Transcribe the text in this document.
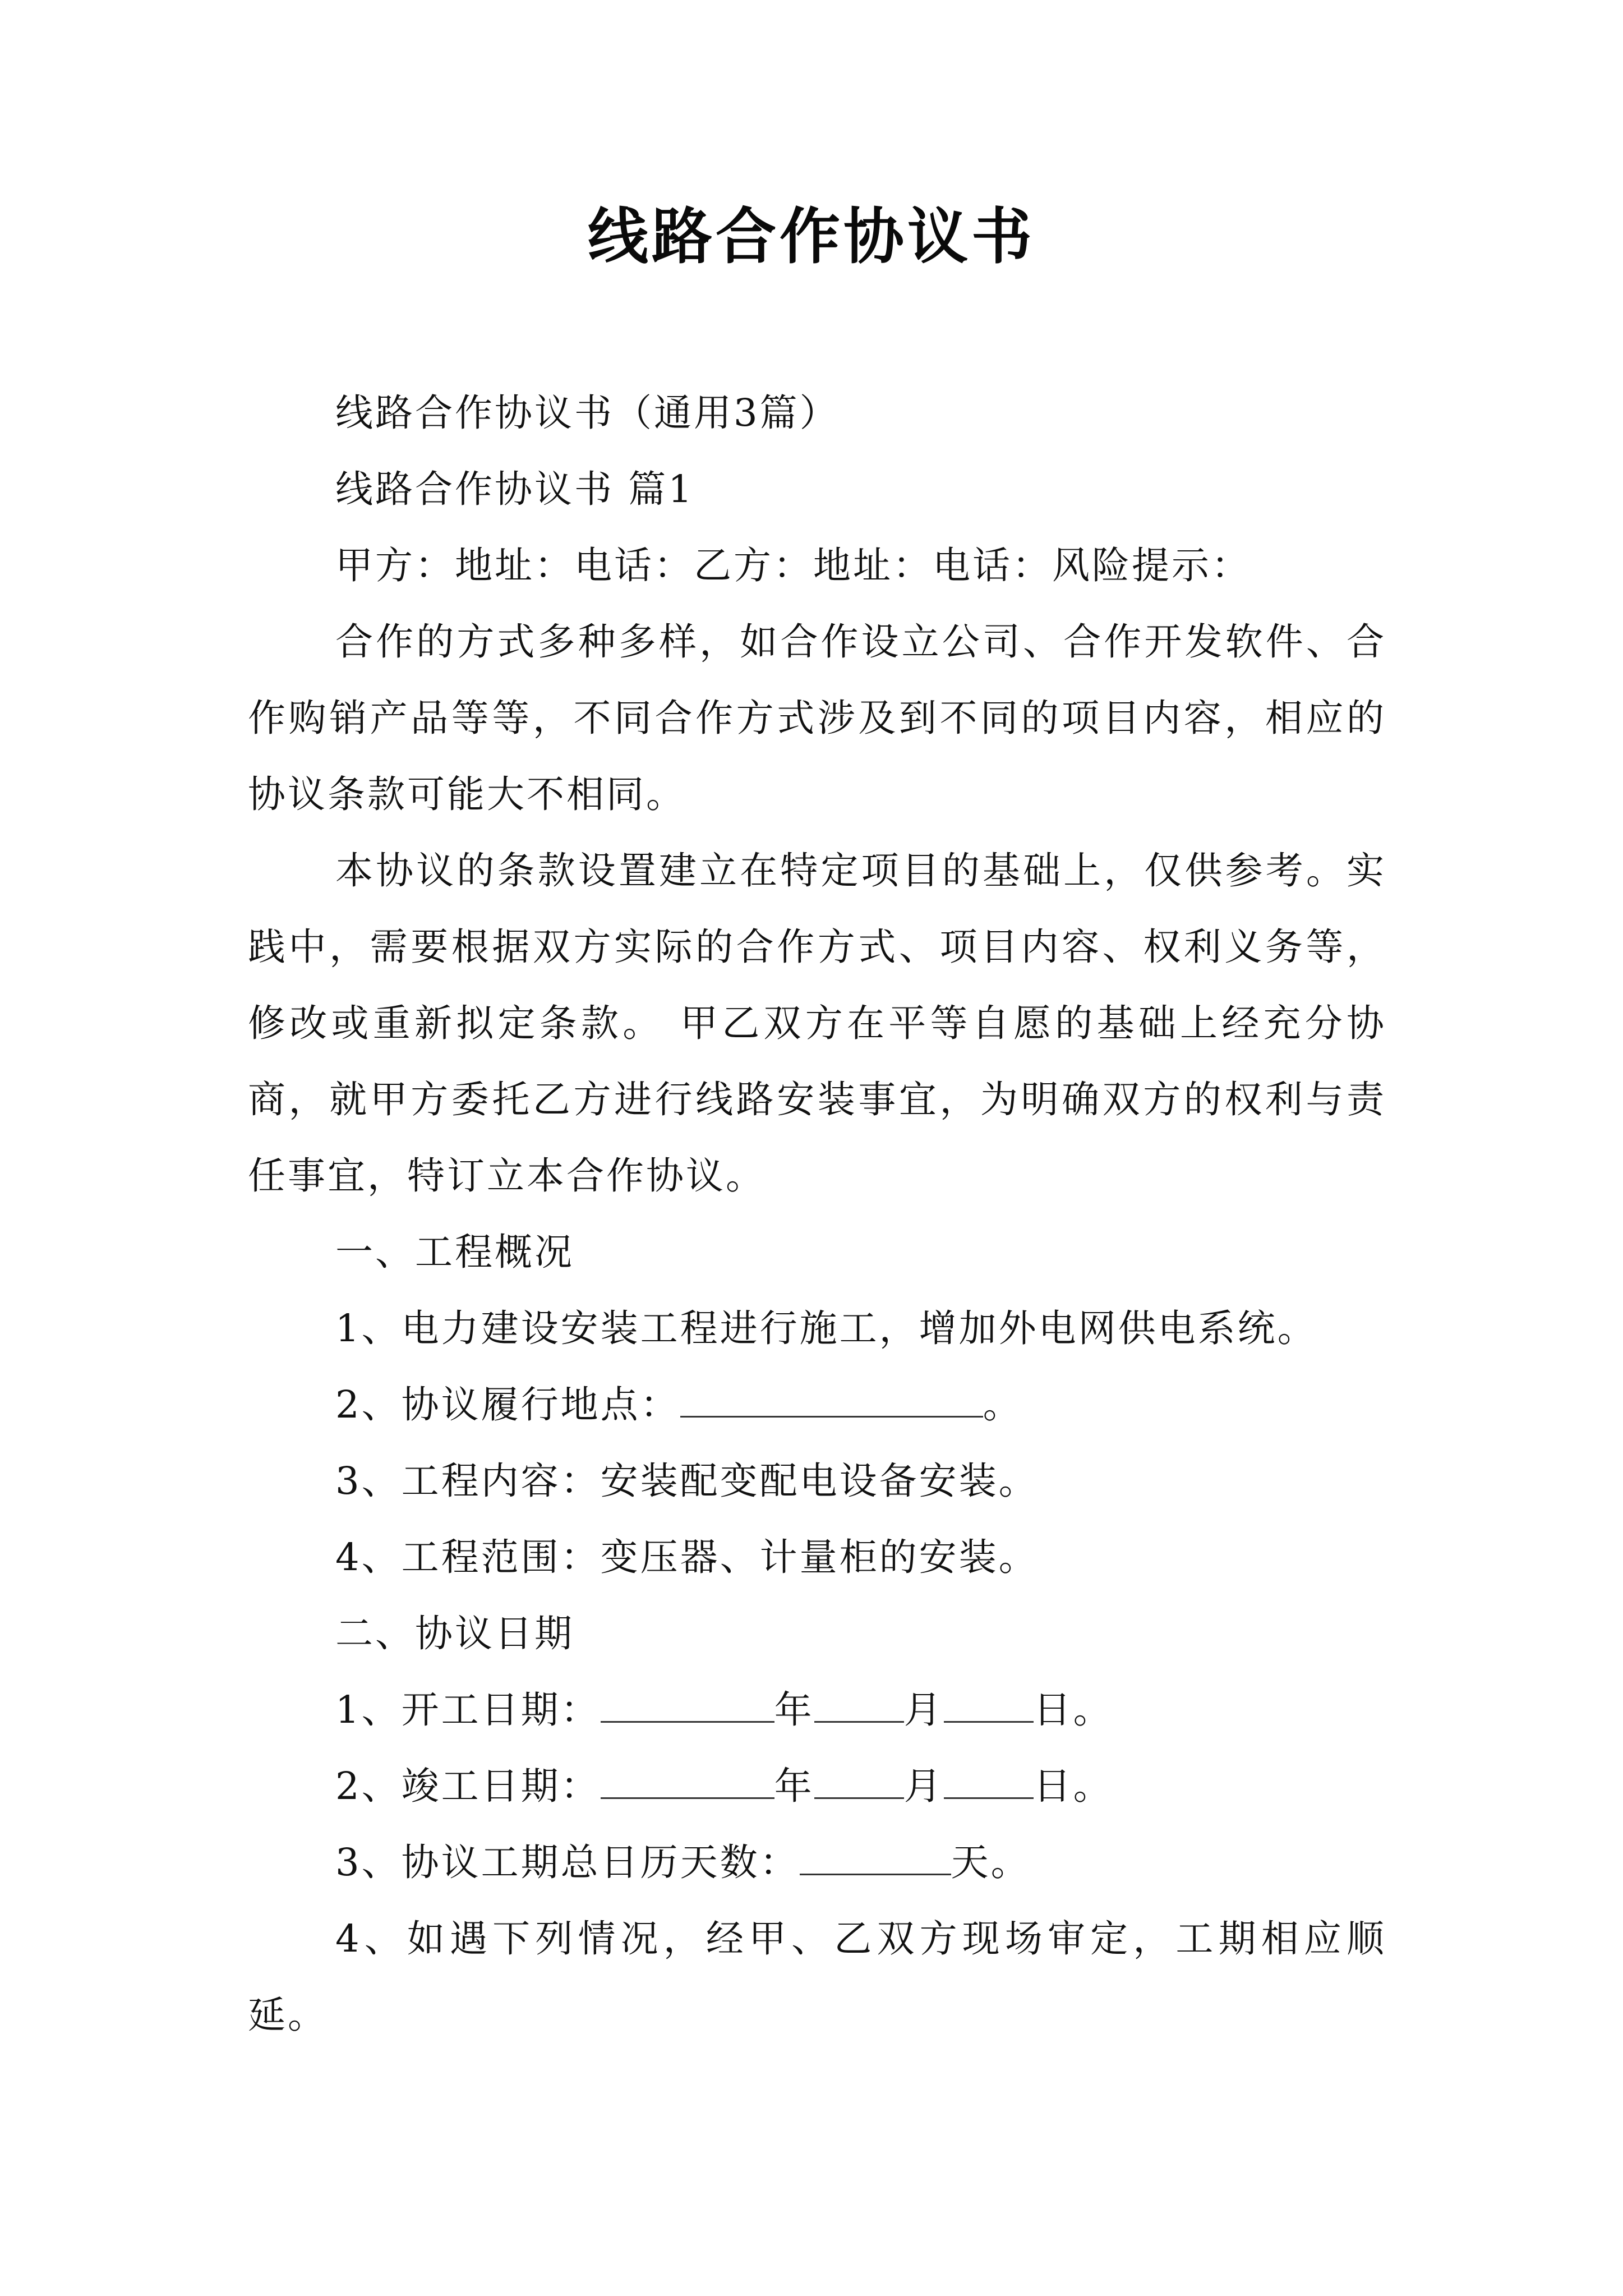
线路合作协议书

线路合作协议书（通用3篇）

线路合作协议书 篇1

甲方：地址：电话：乙方：地址：电话：风险提示：

合作的方式多种多样，如合作设立公司、合作开发软件、合作购销产品等等，不同合作方式涉及到不同的项目内容，相应的协议条款可能大不相同。

本协议的条款设置建立在特定项目的基础上，仅供参考。实践中，需要根据双方实际的合作方式、项目内容、权利义务等，修改或重新拟定条款。 甲乙双方在平等自愿的基础上经充分协商，就甲方委托乙方进行线路安装事宜，为明确双方的权利与责任事宜，特订立本合作协议。

一、工程概况

1、电力建设安装工程进行施工，增加外电网供电系统。

2、协议履行地点：	。

3、工程内容：安装配变配电设备安装。

4、工程范围：变压器、计量柜的安装。

二、协议日期

1、开工日期：	年 月 日。

2、竣工日期：	年 月 日。

3、协议工期总日历天数：	天。

4、如遇下列情况，经甲、乙双方现场审定，工期相应顺延。
